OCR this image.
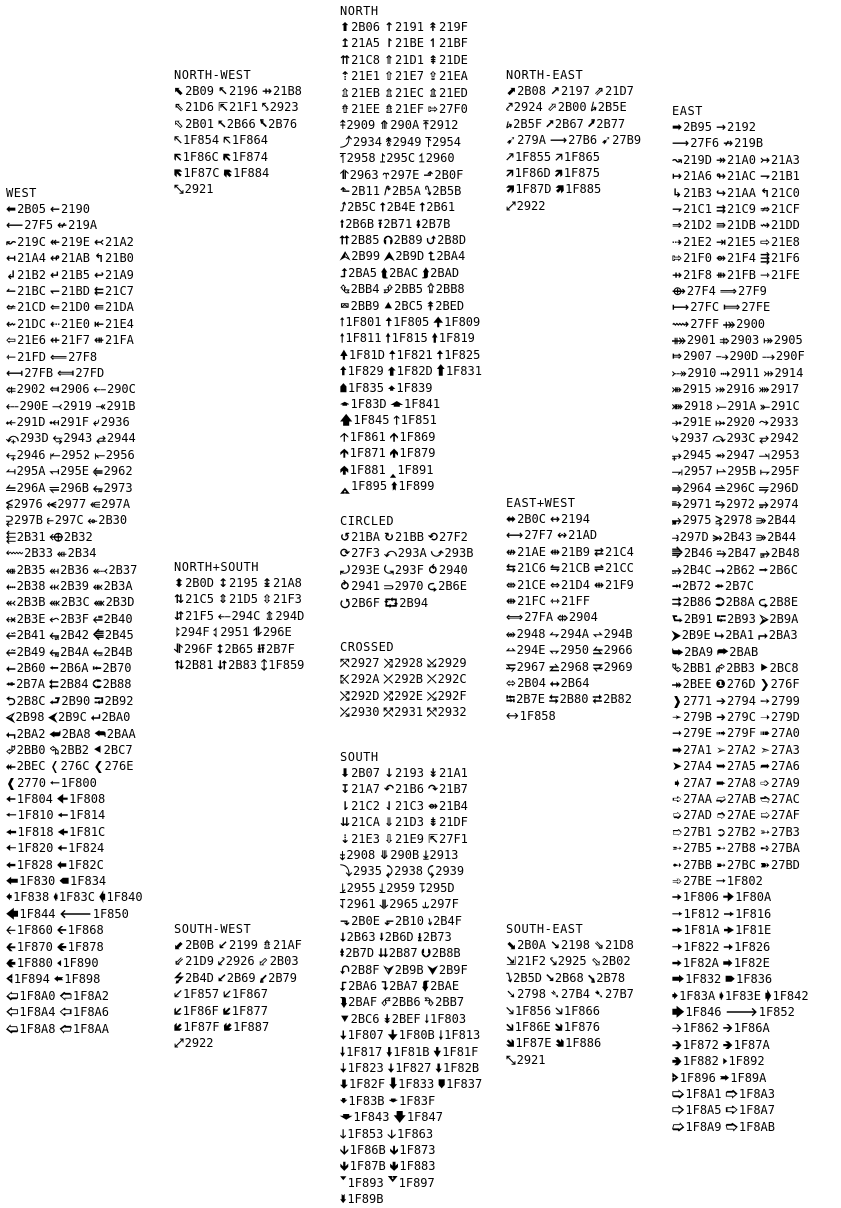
NORTH
⬆2B06 ↑2191 ↟219F
↥21A5 ↾21BE ↿21BF
⇈21C8 ⇑21D1 ⇞21DE
⇡21E1 ⇧21E7 ⇪21EA
⇫21EB ⇬21EC ⇭21ED
⇮21EE ⇯21EF ⇰27F0
⤉2909 ⤊290A ⤒2912
⤴2934 ⥉2949 ⥔2954
⥘2958 ⥜295C ⥠2960
⥣2963 ⥾297E ⬏2B0F
⬑2B11 ⭚2B5A ⭛2B5B
⭜2B5C ⭡2B4E ⭡2B61
⭫2B6B ⭱2B71 ⭻2B7B
⮅2B85 ⮉2B89 ⮍2B8D
⮙2B99 ⮝2B9D ⮤2BA4
⮥2BA5 ⮬2BAC ⮭2BAD
⮴2BB4 ⮵2BB5 ⮸2BB8
⮹2BB9 ⯅2BC5 ⯭2BED
🠁1F801 🠅1F805 🠉1F809
🠑1F811 🠕1F815 🠙1F819
🠝1F81D 🠡1F821 🠥1F825
🠩1F829 🠭1F82D 🠱1F831
🠵1F835 🠹1F839
🠽1F83D 🡁1F841
🡅1F845 🡑1F851
🡡1F861 🡩1F869
🡱1F871 🡹1F879
🢁1F881 🢑1F891
🢕1F895 🢙1F899
NORTH-WEST
⬉2B09 ↖2196 ⇸21B8
⇖21D6 ⇱21F1 ⤣2923
⬁2B01 ⭦2B66 ⭶2B76
🡔1F854 🡤1F864
🡬1F86C 🡴1F874
🡼1F87C 🢄1F884
⤡2921
NORTH-EAST
⬈2B08 ↗2197 ⇗21D7
⤤2924 ⬀2B00 ⭞2B5E
⭟2B5F ⭧2B67 ⭷2B77
➹279A ⟶27B6 ➹27B9
🡕1F855 🡥1F865
🡭1F86D 🡵1F875
🡽1F87D 🢅1F885
⤢2922
EAST
➡2B95 →2192
⟶27F6 ↛219B
↝219D ↠21A0 ↣21A3
↦21A6 ↬21AC ⇁21B1
↳21B3 ↪21AA ↰21C0
⇁21C1 ⇉21C9 ⇏21CF
⇒21D2 ⇛21DB ⇝21DD
⇢21E2 ⇥21E5 ⇨21E8
⇰21F0 ⇴21F4 ⇶21F6
⇸21F8 ⇻21FB ⇾21FE
⟴27F4 ⟹27F9
⟼27FC ⟾27FE
⟿27FF ⤀2900
⤁2901 ⤃2903 ⤅2905
⤇2907 ⤍290D ⤏290F
⤐2910 ⤑2911 ⤔2914
⤕2915 ⤖2916 ⤗2917
⤘2918 ⤚291A ⤜291C
⤞291E ⤠2920 ⤳2933
⤷2937 ⤼293C ⥂2942
⥅2945 ⥇2947 ⥓2953
⥗2957 ⥛295B ⥟295F
⥤2964 ⥬296C ⥭296D
⥱2971 ⥲2972 ⥴2974
⥵2975 ⥸2978 ⭄2B44
⥽297D ⭃2B43 ⭄2B44
⭆2B46 ⭇2B47 ⭈2B48
⭌2B4C ⭢2B62 ⭬2B6C
⭲2B72 ⭼2B7C
⮆2B86 ⮊2B8A ⮎2B8E
⮑2B91 ⮓2B93 ⮚2B9A
⮞2B9E ⮡2BA1 ⮣2BA3
⮩2BA9 ⮫2BAB
⮱2BB1 ⮳2BB3 ⯈2BC8
⯮2BEE ❶276D ❯276F
❱2771 ➔2794 ➙2799
➛279B ➜279C ➝279D
➞279E ➟279F ➠27A0
➡27A1 ➢27A2 ➣27A3
➤27A4 ➥27A5 ➦27A6
➧27A7 ➨27A8 ➩27A9
➪27AA ➫27AB ➬27AC
➭27AD ➮27AE ➯27AF
➱27B1 ➲27B2 ➳27B3
➵27B5 ➸27B8 ➺27BA
➻27BB ➼27BC ➽27BD
➾27BE 🠂1F802
🠆1F806 🠊1F80A
🠒1F812 🠖1F816
🠚1F81A 🠞1F81E
🠢1F822 🠦1F826
🠪1F82A 🠮1F82E
🠲1F832 🠶1F836
🠺1F83A 🠾1F83E 🡂1F842
🡆1F846 🡒1F852
🡢1F862 🡪1F86A
🡲1F872 🡺1F87A
🢂1F882 🢒1F892
🢖1F896 🢚1F89A
🢡1F8A1 🢣1F8A3
🢥1F8A5 🢧1F8A7
🢩1F8A9 🢫1F8AB
WEST
⬅2B05 ←2190
⟵27F5 ↚219A
↜219C ↞219E ↢21A2
↤21A4 ↫21AB ↰21B0
↲21B2 ↵21B5 ↩21A9
↼21BC ↽21BD ⇇21C7
⇍21CD ⇐21D0 ⇚21DA
⇜21DC ⇠21E0 ⇤21E4
⇦21E6 ⇷21F7 ⇺21FA
⇽21FD ⟸27F8
⟻27FB ⟽27FD
⤂2902 ⤆2906 ⤌290C
⤎290E ⤙2919 ⤛291B
⤝291D ⤟291F ⤶2936
⤽293D ⥃2943 ⥄2944
⥆2946 ⥒2952 ⥖2956
⥚295A ⥞295E ⥢2962
⥪296A ⥫296B ⥳2973
⥶2976 ⥷2977 ⥺297A
⥻297B ⥼297C ⬰2B30
⬱2B31 ⬲2B32
⬳2B33 ⬴2B34
⬵2B35 ⬶2B36 ⬷2B37
⬸2B38 ⬹2B39 ⬺2B3A
⬻2B3B ⬼2B3C ⬽2B3D
⬾2B3E ⬿2B3F ⭀2B40
⭁2B41 ⭂2B42 ⭅2B45
⭉2B49 ⭊2B4A ⭋2B4B
⭠2B60 ⭪2B6A ⭰2B70
⭺2B7A ⮄2B84 ⮈2B88
⮌2B8C ⮐2B90 ⮒2B92
⮘2B98 ⮜2B9C ⮠2BA0
⮢2BA2 ⮨2BA8 ⮪2BAA
⮰2BB0 ⮲2BB2 ⯇2BC7
⯬2BEC ❬276C ❮276E
❰2770 🠀1F800
🠄1F804 🠈1F808
🠐1F810 🠔1F814
🠘1F818 🠜1F81C
🠠1F820 🠤1F824
🠨1F828 🠬1F82C
🠰1F830 🠴1F834
🠸1F838 🠼1F83C 🡀1F840
🡄1F844 🡐1F850
🡠1F860 🡨1F868
🡰1F870 🡸1F878
🢀1F880 🢐1F890
🢔1F894 🢘1F898
🢠1F8A0 🢢1F8A2
🢤1F8A4 🢦1F8A6
🢨1F8A8 🢪1F8AA
NORTH+SOUTH
⬍2B0D ↕2195 ↨21A8
⇅21C5 ⇕21D5 ⇳21F3
⇵21F5 ⤌294C ⇭294D
⥏294F ⥑2951 ⥮296E
⥯296F ⭥2B65 ⭿2B7F
⮁2B81 ⮃2B83 🡙1F859
CIRCLED
↺21BA ↻21BB ⟲27F2
⟳27F3 ⤺293A ⤻293B
⤾293E ⤿293F ⥀2940
⥁2941 ⥰2970 ⮎2B6E
⭯2B6F ⮔2B94
EAST+WEST
⬌2B0C ↔2194
⟷27F7 ↭21AD
↮21AE ⇹21B9 ⇄21C4
⇆21C6 ⇋21CB ⇌21CC
⇎21CE ⇔21D4 ⇹21F9
⇼21FC ⇿21FF
⟺27FA ⤄2904
⥈2948 ⥊294A ⥋294B
⥎294E ⥐2950 ⥦2966
⥧2967 ⥨2968 ⥩2969
⬄2B04 ⭤2B64
⭾2B7E ⮀2B80 ⮂2B82
🡘1F858
CROSSED
⤧2927 ⤨2928 ⤩2929
⤪292A ⤫292B ⤬292C
⤭292D ⤮292E ⤯292F
⤰2930 ⤱2931 ⤲2932
SOUTH
⬇2B07 ↓2193 ↡21A1
↧21A7 ↶21B6 ↷21B7
⇂21C2 ⇃21C3 ⇴21B4
⇊21CA ⇓21D3 ⇟21DF
⇣21E3 ⇩21E9 ⇱27F1
⤈2908 ⤋290B ⤓2913
⤵2935 ⤸2938 ⤹2939
⥕2955 ⥙2959 ⥝295D
⥡2961 ⥥2965 ⥿297F
⬎2B0E ⬐2B10 ⭏2B4F
⭣2B63 ⭭2B6D ⭳2B73
⭽2B7D ⮇2B87 ⮋2B8B
⮏2B8F ⮛2B9B ⮟2B9F
⮦2BA6 ⮧2BA7 ⮮2BAE
⮯2BAF ⮶2BB6 ⮷2BB7
⯆2BC6 ⯯2BEF 🠃1F803
🠇1F807 🠋1F80B 🠓1F813
🠗1F817 🠛1F81B 🠟1F81F
🠣1F823 🠧1F827 🠫1F82B
🠯1F82F 🠳1F833 🠷1F837
🠻1F83B 🠿1F83F
🡃1F843 🡇1F847
🡓1F853 🡣1F863
🡫1F86B 🡳1F873
🡻1F87B 🢃1F883
🢓1F893 🢗1F897
🢛1F89B
SOUTH-WEST
⬋2B0B ↙2199 ⇯21AF
⇙21D9 ⤦2926 ⬃2B03
⭍2B4D ⭩2B69 ⭹2B79
🡗1F857 🡧1F867
🡯1F86F 🡷1F877
🡿1F87F 🢇1F887
⤢2922
SOUTH-EAST
⬊2B0A ↘2198 ⇘21D8
⇲21F2 ⤥2925 ⬂2B02
⭝2B5D ⭨2B68 ⭸2B78
➘2798 ➴27B4 ➷27B7
🡖1F856 🡦1F866
🡮1F86E 🡶1F876
🡾1F87E 🢆1F886
⤡2921
